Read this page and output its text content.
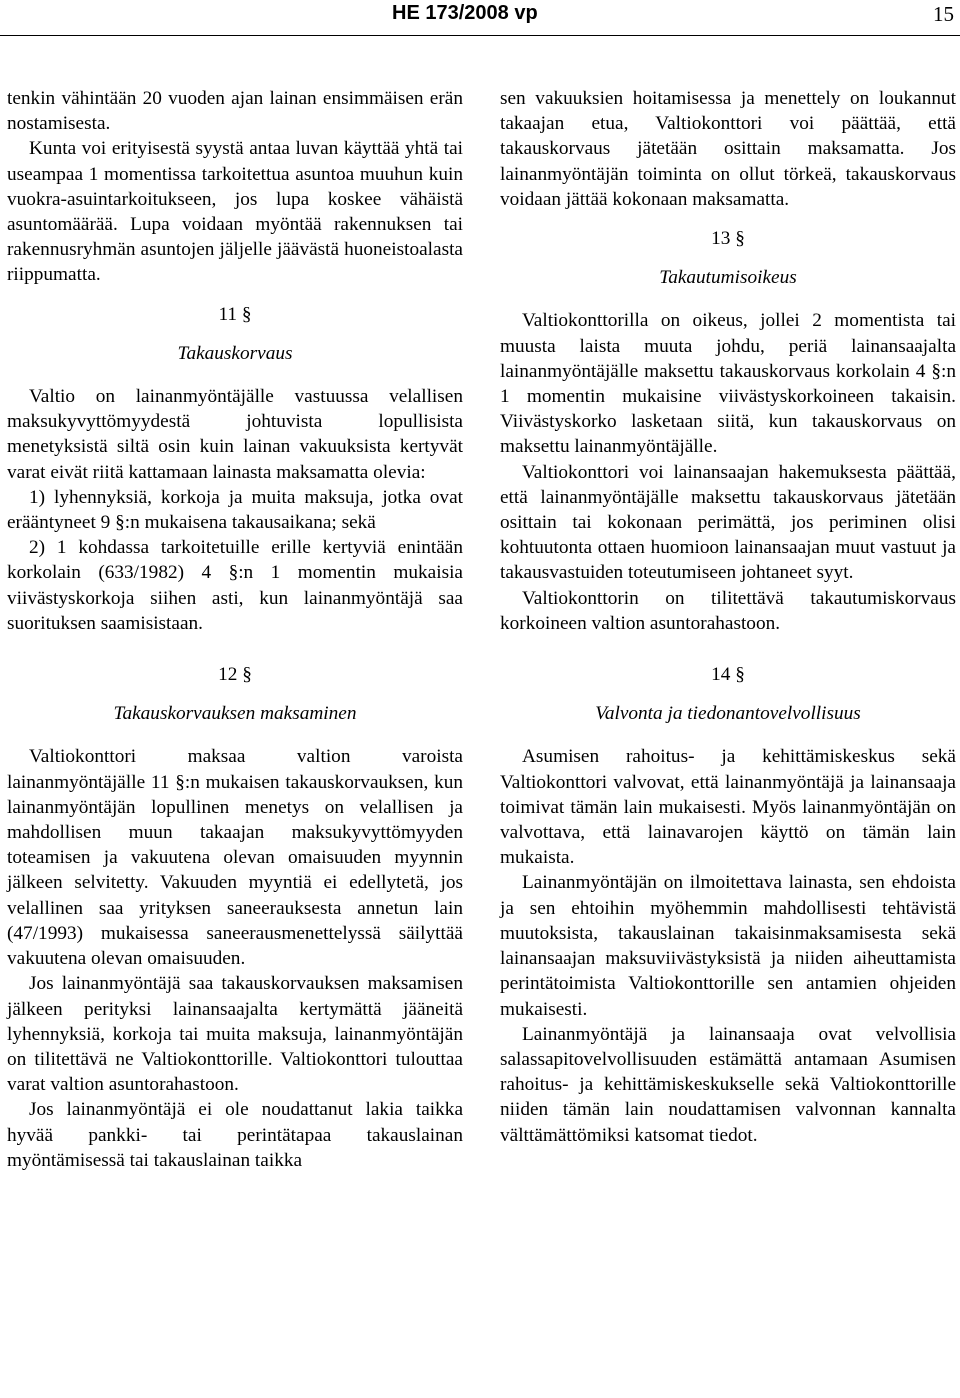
HE 173/2008 vp	15

tenkin vähintään 20 vuoden ajan lainan ensimmäisen erän nostamisesta.

Kunta voi erityisestä syystä antaa luvan käyttää yhtä tai useampaa 1 momentissa tarkoitettua asuntoa muuhun kuin vuokra-asuintarkoitukseen, jos lupa koskee vähäistä asuntomäärää. Lupa voidaan myöntää rakennuksen tai rakennusryhmän asuntojen jäljelle jäävästä huoneistoalasta riippumatta.

11 §
Takauskorvaus

Valtio on lainanmyöntäjälle vastuussa velallisen maksukyvyttömyydestä johtuvista lopullisista menetyksistä siltä osin kuin lainan vakuuksista kertyvät varat eivät riitä kattamaan lainasta maksamatta olevia:

1) lyhennyksiä, korkoja ja muita maksuja, jotka ovat erääntyneet 9 §:n mukaisena takausaikana; sekä

2) 1 kohdassa tarkoitetuille erille kertyviä enintään korkolain (633/1982) 4 §:n 1 momentin mukaisia viivästyskorkoja siihen asti, kun lainanmyöntäjä saa suorituksen saamisistaan.

12 §
Takauskorvauksen maksaminen

Valtiokonttori maksaa valtion varoista lainanmyöntäjälle 11 §:n mukaisen takauskorvauksen, kun lainanmyöntäjän lopullinen menetys on velallisen ja mahdollisen muun takaajan maksukyvyttömyyden toteamisen ja vakuutena olevan omaisuuden myynnin jälkeen selvitetty. Vakuuden myyntiä ei edellytetä, jos velallinen saa yrityksen saneerauksesta annetun lain (47/1993) mukaisessa saneerausmenettelyssä säilyttää vakuutena olevan omaisuuden.

Jos lainanmyöntäjä saa takauskorvauksen maksamisen jälkeen perityksi lainansaajalta kertymättä jääneitä lyhennyksiä, korkoja tai muita maksuja, lainanmyöntäjän on tilitettävä ne Valtiokonttorille. Valtiokonttori tulouttaa varat valtion asuntorahastoon.

Jos lainanmyöntäjä ei ole noudattanut lakia taikka hyvää pankki- tai perintätapaa takauslainan myöntämisessä tai takauslainan taikka

sen vakuuksien hoitamisessa ja menettely on loukannut takaajan etua, Valtiokonttori voi päättää, että takauskorvaus jätetään osittain maksamatta. Jos lainanmyöntäjän toiminta on ollut törkeä, takauskorvaus voidaan jättää kokonaan maksamatta.

13 §
Takautumisoikeus

Valtiokonttorilla on oikeus, jollei 2 momentista tai muusta laista muuta johdu, periä lainansaajalta lainanmyöntäjälle maksettu takauskorvaus korkolain 4 §:n 1 momentin mukaisine viivästyskorkoineen takaisin. Viivästyskorko lasketaan siitä, kun takauskorvaus on maksettu lainanmyöntäjälle.

Valtiokonttori voi lainansaajan hakemuksesta päättää, että lainanmyöntäjälle maksettu takauskorvaus jätetään osittain tai kokonaan perimättä, jos periminen olisi kohtuutonta ottaen huomioon lainansaajan muut vastuut ja takausvastuiden toteutumiseen johtaneet syyt.

Valtiokonttorin on tilitettävä takautumiskorvaus korkoineen valtion asuntorahastoon.

14 §
Valvonta ja tiedonantovelvollisuus

Asumisen rahoitus- ja kehittämiskeskus sekä Valtiokonttori valvovat, että lainanmyöntäjä ja lainansaaja toimivat tämän lain mukaisesti. Myös lainanmyöntäjän on valvottava, että lainavarojen käyttö on tämän lain mukaista.

Lainanmyöntäjän on ilmoitettava lainasta, sen ehdoista ja sen ehtoihin myöhemmin mahdollisesti tehtävistä muutoksista, takauslainan takaisinmaksamisesta sekä lainansaajan maksuviivästyksistä ja niiden aiheuttamista perintätoimista Valtiokonttorille sen antamien ohjeiden mukaisesti.

Lainanmyöntäjä ja lainansaaja ovat velvollisia salassapitovelvollisuuden estämättä antamaan Asumisen rahoitus- ja kehittämiskeskukselle sekä Valtiokonttorille niiden tämän lain noudattamisen valvonnan kannalta välttämättömiksi katsomat tiedot.
